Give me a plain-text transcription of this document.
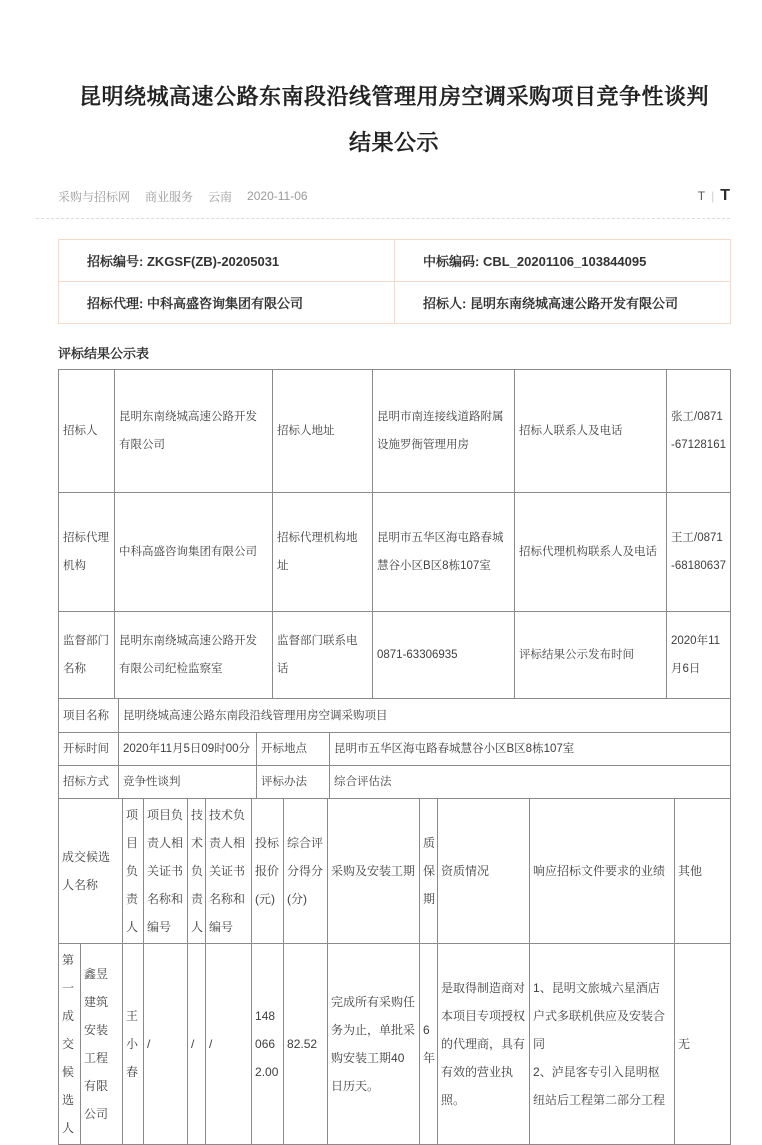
昆明绕城高速公路东南段沿线管理用房空调采购项目竞争性谈判结果公示
采购与招标网 商业服务 云南 2020-11-06	T | T
招标编号: ZKGSF(ZB)-20205031	中标编码: CBL_20201106_103844095
招标代理: 中科高盛咨询集团有限公司	招标人: 昆明东南绕城高速公路开发有限公司
评标结果公示表
招标人	昆明东南绕城高速公路开发有限公司	招标人地址	昆明市南连接线道路附属设施罗衙管理用房	招标人联系人及电话	张工/0871-67128161
招标代理机构	中科高盛咨询集团有限公司	招标代理机构地址	昆明市五华区海屯路春城慧谷小区B区8栋107室	招标代理机构联系人及电话	王工/0871-68180637
监督部门名称	昆明东南绕城高速公路开发有限公司纪检监察室	监督部门联系电话	0871-63306935	评标结果公示发布时间	2020年11月6日
项目名称	昆明绕城高速公路东南段沿线管理用房空调采购项目
开标时间	2020年11月5日09时00分	开标地点	昆明市五华区海屯路春城慧谷小区B区8栋107室
招标方式	竞争性谈判	评标办法	综合评估法
成交候选人名称		项目负责人	项目负责人相关证书名称和编号	技术负责人	技术负责人相关证书名称和编号	投标报价(元)	综合评分得分(分)	采购及安装工期	质保期	资质情况	响应招标文件要求的业绩	其他
第一成交候选人	鑫昱建筑安装工程有限公司	王小春	/	/	/	1480662.00	82.52	完成所有采购任务为止，单批采购安装工期40日历天。	6年	是取得制造商对本项目专项授权的代理商，具有有效的营业执照。	1、昆明文旅城六星酒店户式多联机供应及安装合同
2、泸昆客专引入昆明枢纽站后工程第二部分工程	无
